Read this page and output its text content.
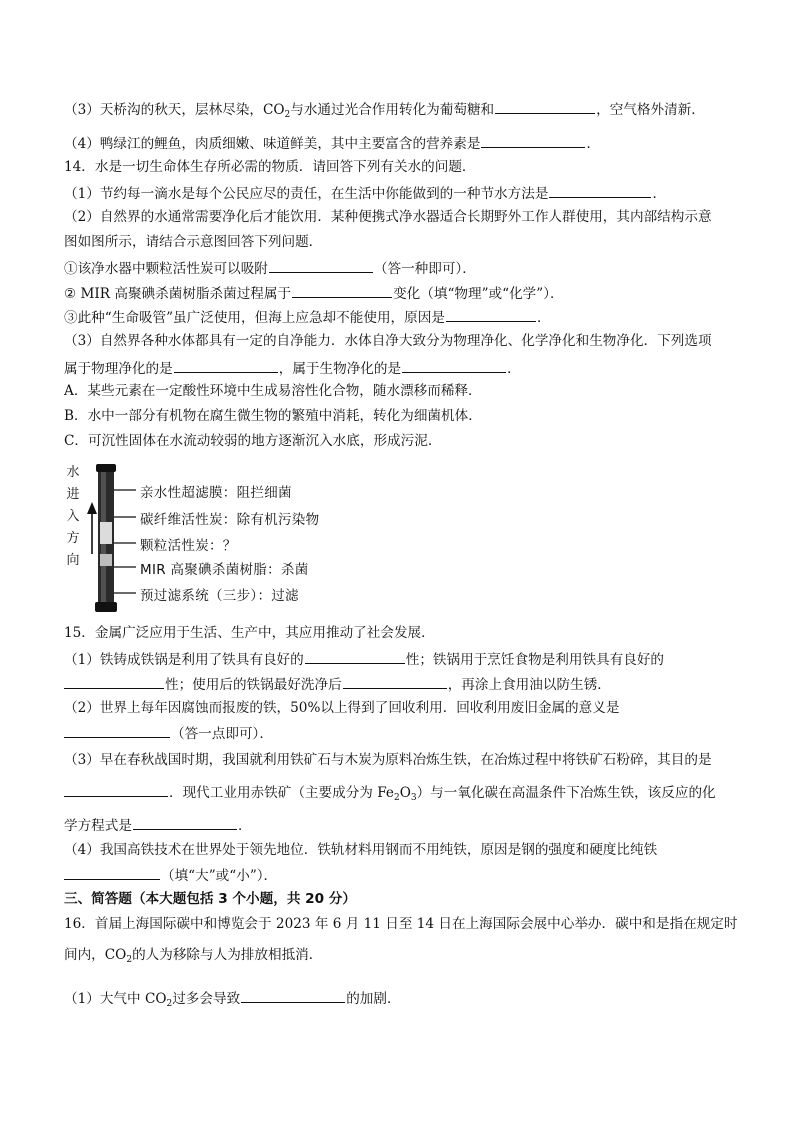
（3）天桥沟的秋天，层林尽染，$CO_2$与水通过光合作用转化为葡萄糖和	，空气格外清新．
（4）鸭绿江的鲤鱼，肉质细嫩、味道鲜美，其中主要富含的营养素是	．
14．水是一切生命体生存所必需的物质．请回答下列有关水的问题．
（1）节约每一滴水是每个公民应尽的责任，在生活中你能做到的一种节水方法是	．
（2）自然界的水通常需要净化后才能饮用．某种便携式净水器适合长期野外工作人群使用，其内部结构示意
图如图所示，请结合示意图回答下列问题．
①该净水器中颗粒活性炭可以吸附	（答一种即可）．
② MIR 高聚碘杀菌树脂杀菌过程属于	变化（填“物理”或“化学”）．
③此种“生命吸管”虽广泛使用，但海上应急却不能使用，原因是	．
（3）自然界各种水体都具有一定的自净能力．水体自净大致分为物理净化、化学净化和生物净化．下列选项
属于物理净化的是	，属于生物净化的是	．
A．某些元素在一定酸性环境中生成易溶性化合物，随水漂移而稀释．
B．水中一部分有机物在腐生微生物的繁殖中消耗，转化为细菌机体．
C．可沉性固体在水流动较弱的地方逐渐沉入水底，形成污泥．
水
进
入
方
向
亲水性超滤膜：阻拦细菌
碳纤维活性炭：除有机污染物
颗粒活性炭：？
MIR 高聚碘杀菌树脂：杀菌
预过滤系统（三步）：过滤
15．金属广泛应用于生活、生产中，其应用推动了社会发展．
（1）铁铸成铁锅是利用了铁具有良好的	性；铁锅用于烹饪食物是利用铁具有良好的
性；使用后的铁锅最好洗净后	，再涂上食用油以防生锈．
（2）世界上每年因腐蚀而报废的铁，50%以上得到了回收利用．回收利用废旧金属的意义是
（答一点即可）．
（3）早在春秋战国时期，我国就利用铁矿石与木炭为原料冶炼生铁，在冶炼过程中将铁矿石粉碎，其目的是
．现代工业用赤铁矿（主要成分为 $Fe_2O_3$）与一氧化碳在高温条件下冶炼生铁，该反应的化
学方程式是	．
（4）我国高铁技术在世界处于领先地位．铁轨材料用钢而不用纯铁，原因是钢的强度和硬度比纯铁
（填“大”或“小”）．
三、简答题（本大题包括 3 个小题，共 20 分）
16．首届上海国际碳中和博览会于 2023 年 6 月 11 日至 14 日在上海国际会展中心举办．碳中和是指在规定时
间内，$CO_2$的人为移除与人为排放相抵消．
（1）大气中 $CO_2$过多会导致	的加剧．
